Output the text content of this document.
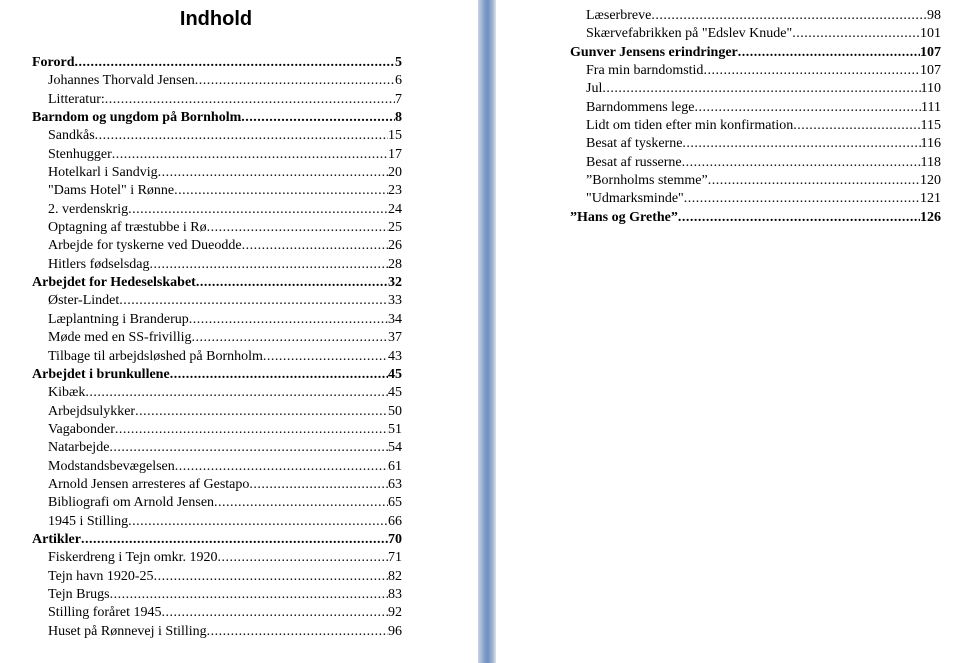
Indhold
Forord .....	5
Johannes Thorvald Jensen .....	6
Litteratur: .....	7
Barndom og ungdom på Bornholm .....	8
Sandkås .....	15
Stenhugger .....	17
Hotelkarl i Sandvig .....	20
"Dams Hotel" i Rønne .....	23
2. verdenskrig .....	24
Optagning af træstubbe i Rø .....	25
Arbejde for tyskerne ved Dueodde .....	26
Hitlers fødselsdag .....	28
Arbejdet for Hedeselskabet .....	32
Øster-Lindet .....	33
Læplantning i Branderup .....	34
Møde med en SS-frivillig .....	37
Tilbage til arbejdsløshed på Bornholm .....	43
Arbejdet i brunkullene .....	45
Kibæk .....	45
Arbejdsulykker .....	50
Vagabonder .....	51
Natarbejde .....	54
Modstandsbevægelsen .....	61
Arnold Jensen arresteres af Gestapo .....	63
Bibliografi om Arnold Jensen .....	65
1945 i Stilling .....	66
Artikler .....	70
Fiskerdreng i Tejn omkr. 1920 .....	71
Tejn havn 1920-25 .....	82
Tejn Brugs .....	83
Stilling foråret 1945 .....	92
Huset på Rønnevej i Stilling .....	96
Læserbreve .....	98
Skærvefabrikken på "Edslev Knude" .....	101
Gunver Jensens erindringer .....	107
Fra min barndomstid .....	107
Jul .....	110
Barndommens lege .....	111
Lidt om tiden efter min konfirmation .....	115
Besat af tyskerne .....	116
Besat af russerne .....	118
”Bornholms stemme” .....	120
"Udmarksminde" .....	121
”Hans og Grethe” .....	126
